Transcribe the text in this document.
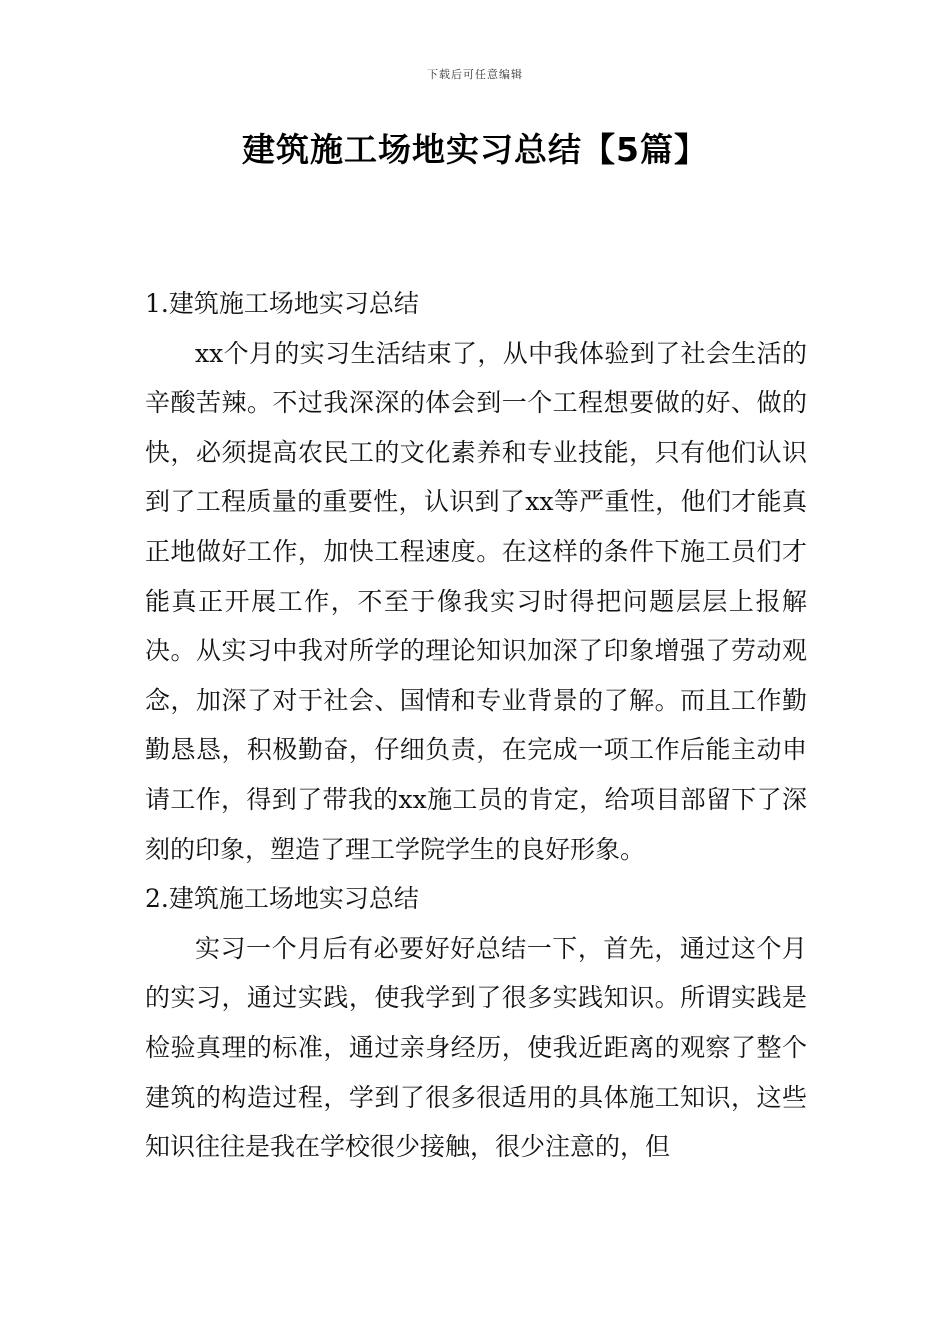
下载后可任意编辑
建筑施工场地实习总结【5篇】

1.建筑施工场地实习总结

xx个月的实习生活结束了，从中我体验到了社会生活的辛酸苦辣。不过我深深的体会到一个工程想要做的好、做的快，必须提高农民工的文化素养和专业技能，只有他们认识到了工程质量的重要性，认识到了xx等严重性，他们才能真正地做好工作，加快工程速度。在这样的条件下施工员们才能真正开展工作，不至于像我实习时得把问题层层上报解决。从实习中我对所学的理论知识加深了印象增强了劳动观念，加深了对于社会、国情和专业背景的了解。而且工作勤勤恳恳，积极勤奋，仔细负责，在完成一项工作后能主动申请工作，得到了带我的xx施工员的肯定，给项目部留下了深刻的印象，塑造了理工学院学生的良好形象。

2.建筑施工场地实习总结

实习一个月后有必要好好总结一下，首先，通过这个月的实习，通过实践，使我学到了很多实践知识。所谓实践是检验真理的标准，通过亲身经历，使我近距离的观察了整个建筑的构造过程，学到了很多很适用的具体施工知识，这些知识往往是我在学校很少接触，很少注意的，但
